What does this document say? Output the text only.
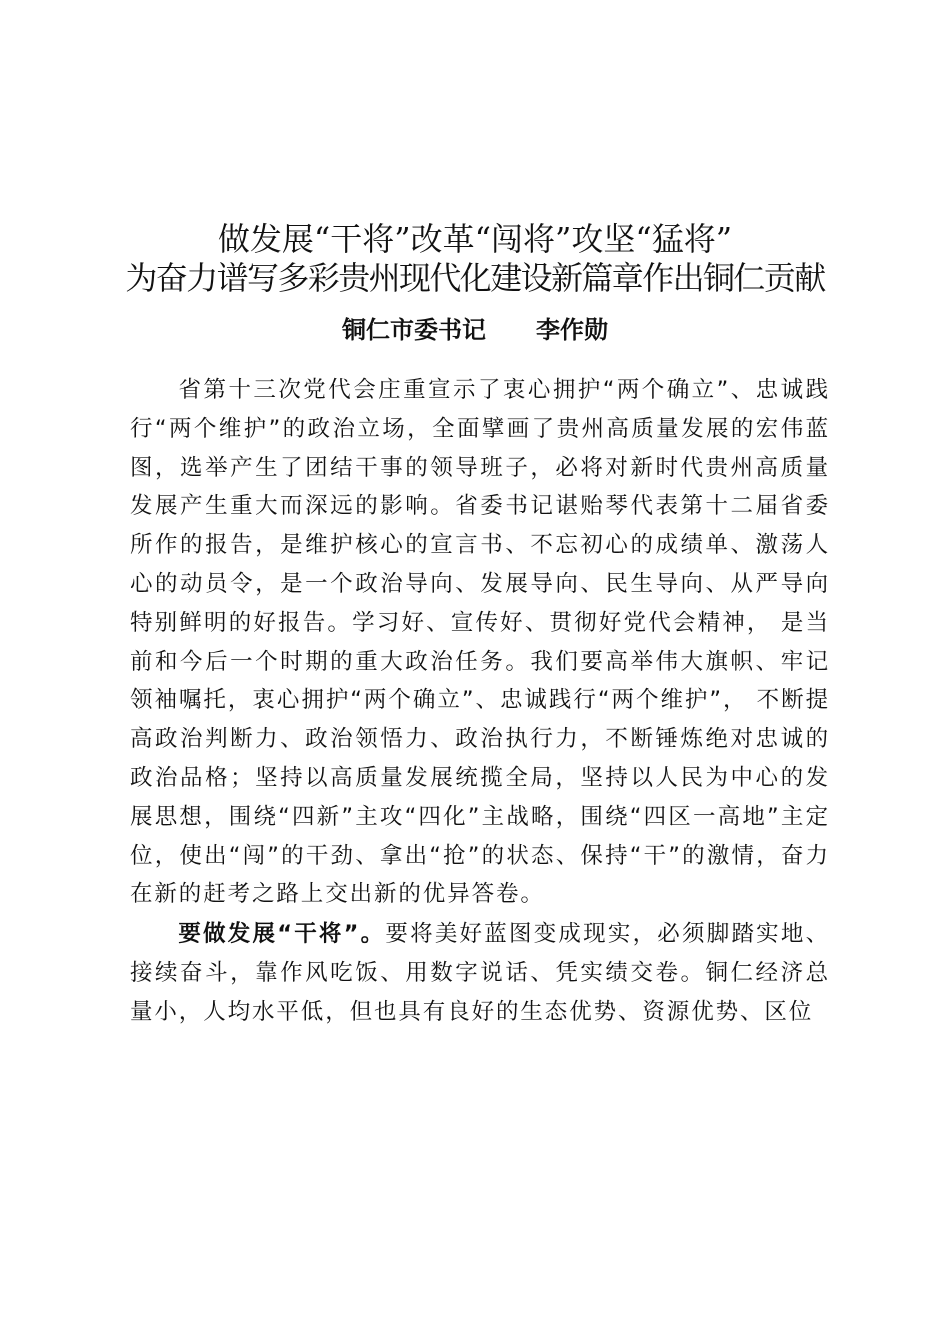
做发展“干将”改革“闯将”攻坚“猛将”
为奋力谱写多彩贵州现代化建设新篇章作出铜仁贡献
铜仁市委书记 李作勋
省第十三次党代会庄重宣示了衷心拥护“两个确立”、忠诚践行“两个维护”的政治立场，全面擘画了贵州高质量发展的宏伟蓝图，选举产生了团结干事的领导班子，必将对新时代贵州高质量发展产生重大而深远的影响。省委书记谌贻琴代表第十二届省委所作的报告，是维护核心的宣言书、不忘初心的成绩单、激荡人心的动员令，是一个政治导向、发展导向、民生导向、从严导向特别鲜明的好报告。学习好、宣传好、贯彻好党代会精神， 是当前和今后一个时期的重大政治任务。我们要高举伟大旗帜、牢记领袖嘱托，衷心拥护“两个确立”、忠诚践行“两个维护”， 不断提高政治判断力、政治领悟力、政治执行力，不断锤炼绝对忠诚的政治品格；坚持以高质量发展统揽全局，坚持以人民为中心的发展思想，围绕“四新”主攻“四化”主战略，围绕“四区一高地”主定位，使出“闯”的干劲、拿出“抢”的状态、保持“干”的激情，奋力在新的赶考之路上交出新的优异答卷。
要做发展“干将”。要将美好蓝图变成现实，必须脚踏实地、接续奋斗，靠作风吃饭、用数字说话、凭实绩交卷。铜仁经济总量小，人均水平低，但也具有良好的生态优势、资源优势、区位
